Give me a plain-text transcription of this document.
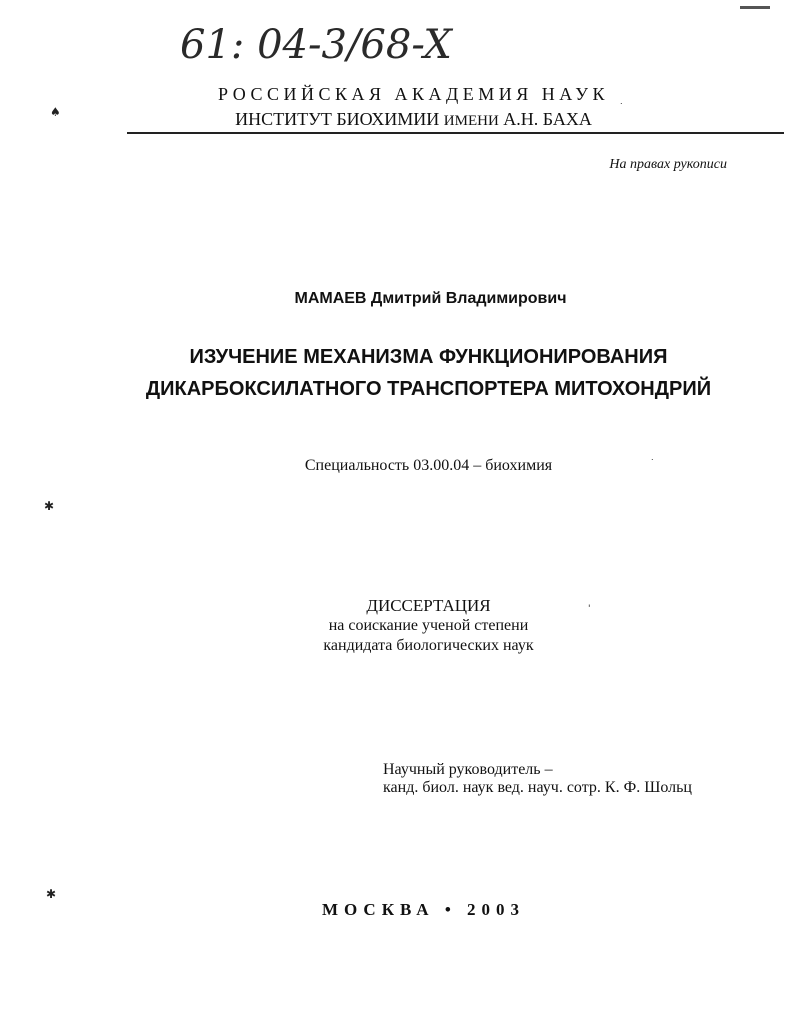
61: 04-3/68-X
РОССИЙСКАЯ АКАДЕМИЯ НАУК
ИНСТИТУТ БИОХИМИИ ИМЕНИ А.Н. БАХА
На правах рукописи
МАМАЕВ Дмитрий Владимирович
ИЗУЧЕНИЕ МЕХАНИЗМА ФУНКЦИОНИРОВАНИЯ
ДИКАРБОКСИЛАТНОГО ТРАНСПОРТЕРА МИТОХОНДРИЙ
Специальность 03.00.04 – биохимия
ДИССЕРТАЦИЯ
на соискание ученой степени
кандидата биологических наук
Научный руководитель –
канд. биол. наук вед. науч. сотр. К. Ф. Шольц
МОСКВА • 2003
♠
✱
✱
'
.
.
